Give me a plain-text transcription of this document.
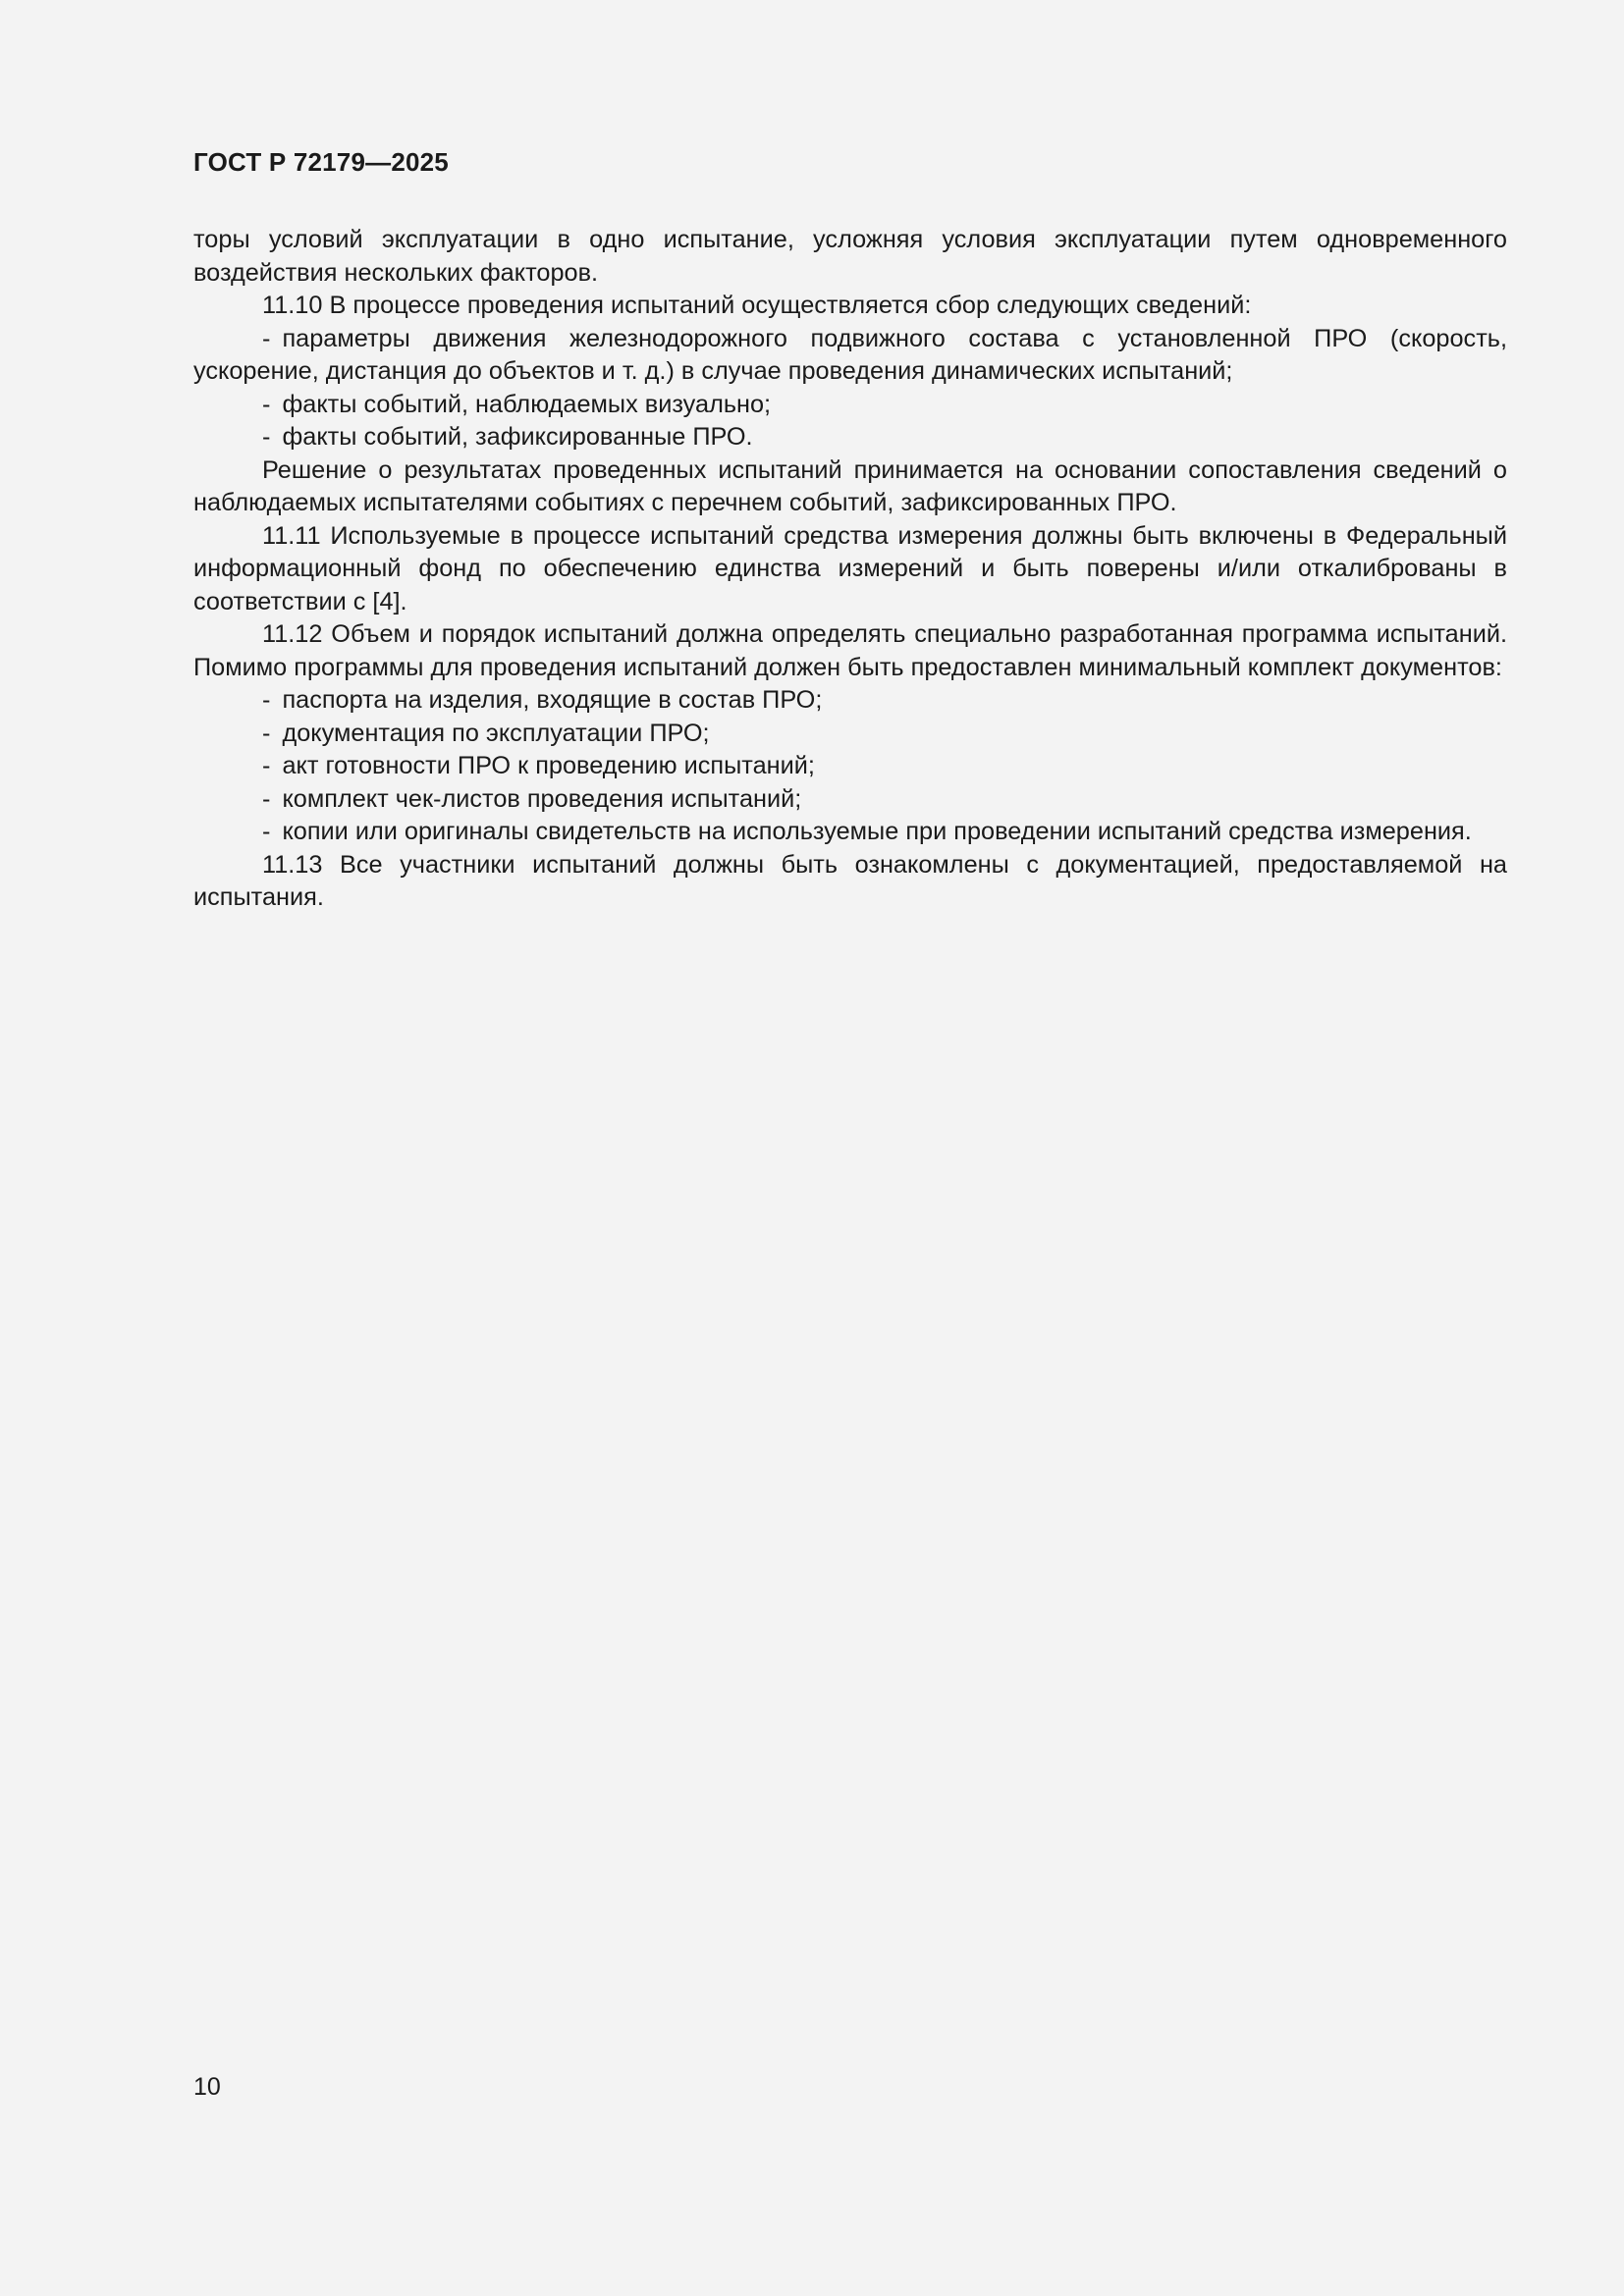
ГОСТ Р 72179—2025

торы условий эксплуатации в одно испытание, усложняя условия эксплуатации путем одновременного воздействия нескольких факторов.

11.10 В процессе проведения испытаний осуществляется сбор следующих сведений:

- параметры движения железнодорожного подвижного состава с установленной ПРО (скорость, ускорение, дистанция до объектов и т. д.) в случае проведения динамических испытаний;

- факты событий, наблюдаемых визуально;

- факты событий, зафиксированные ПРО.

Решение о результатах проведенных испытаний принимается на основании сопоставления сведений о наблюдаемых испытателями событиях с перечнем событий, зафиксированных ПРО.

11.11 Используемые в процессе испытаний средства измерения должны быть включены в Федеральный информационный фонд по обеспечению единства измерений и быть поверены и/или откалиброваны в соответствии с [4].

11.12 Объем и порядок испытаний должна определять специально разработанная программа испытаний. Помимо программы для проведения испытаний должен быть предоставлен минимальный комплект документов:

- паспорта на изделия, входящие в состав ПРО;

- документация по эксплуатации ПРО;

- акт готовности ПРО к проведению испытаний;

- комплект чек-листов проведения испытаний;

- копии или оригиналы свидетельств на используемые при проведении испытаний средства измерения.

11.13 Все участники испытаний должны быть ознакомлены с документацией, предоставляемой на испытания.

10
